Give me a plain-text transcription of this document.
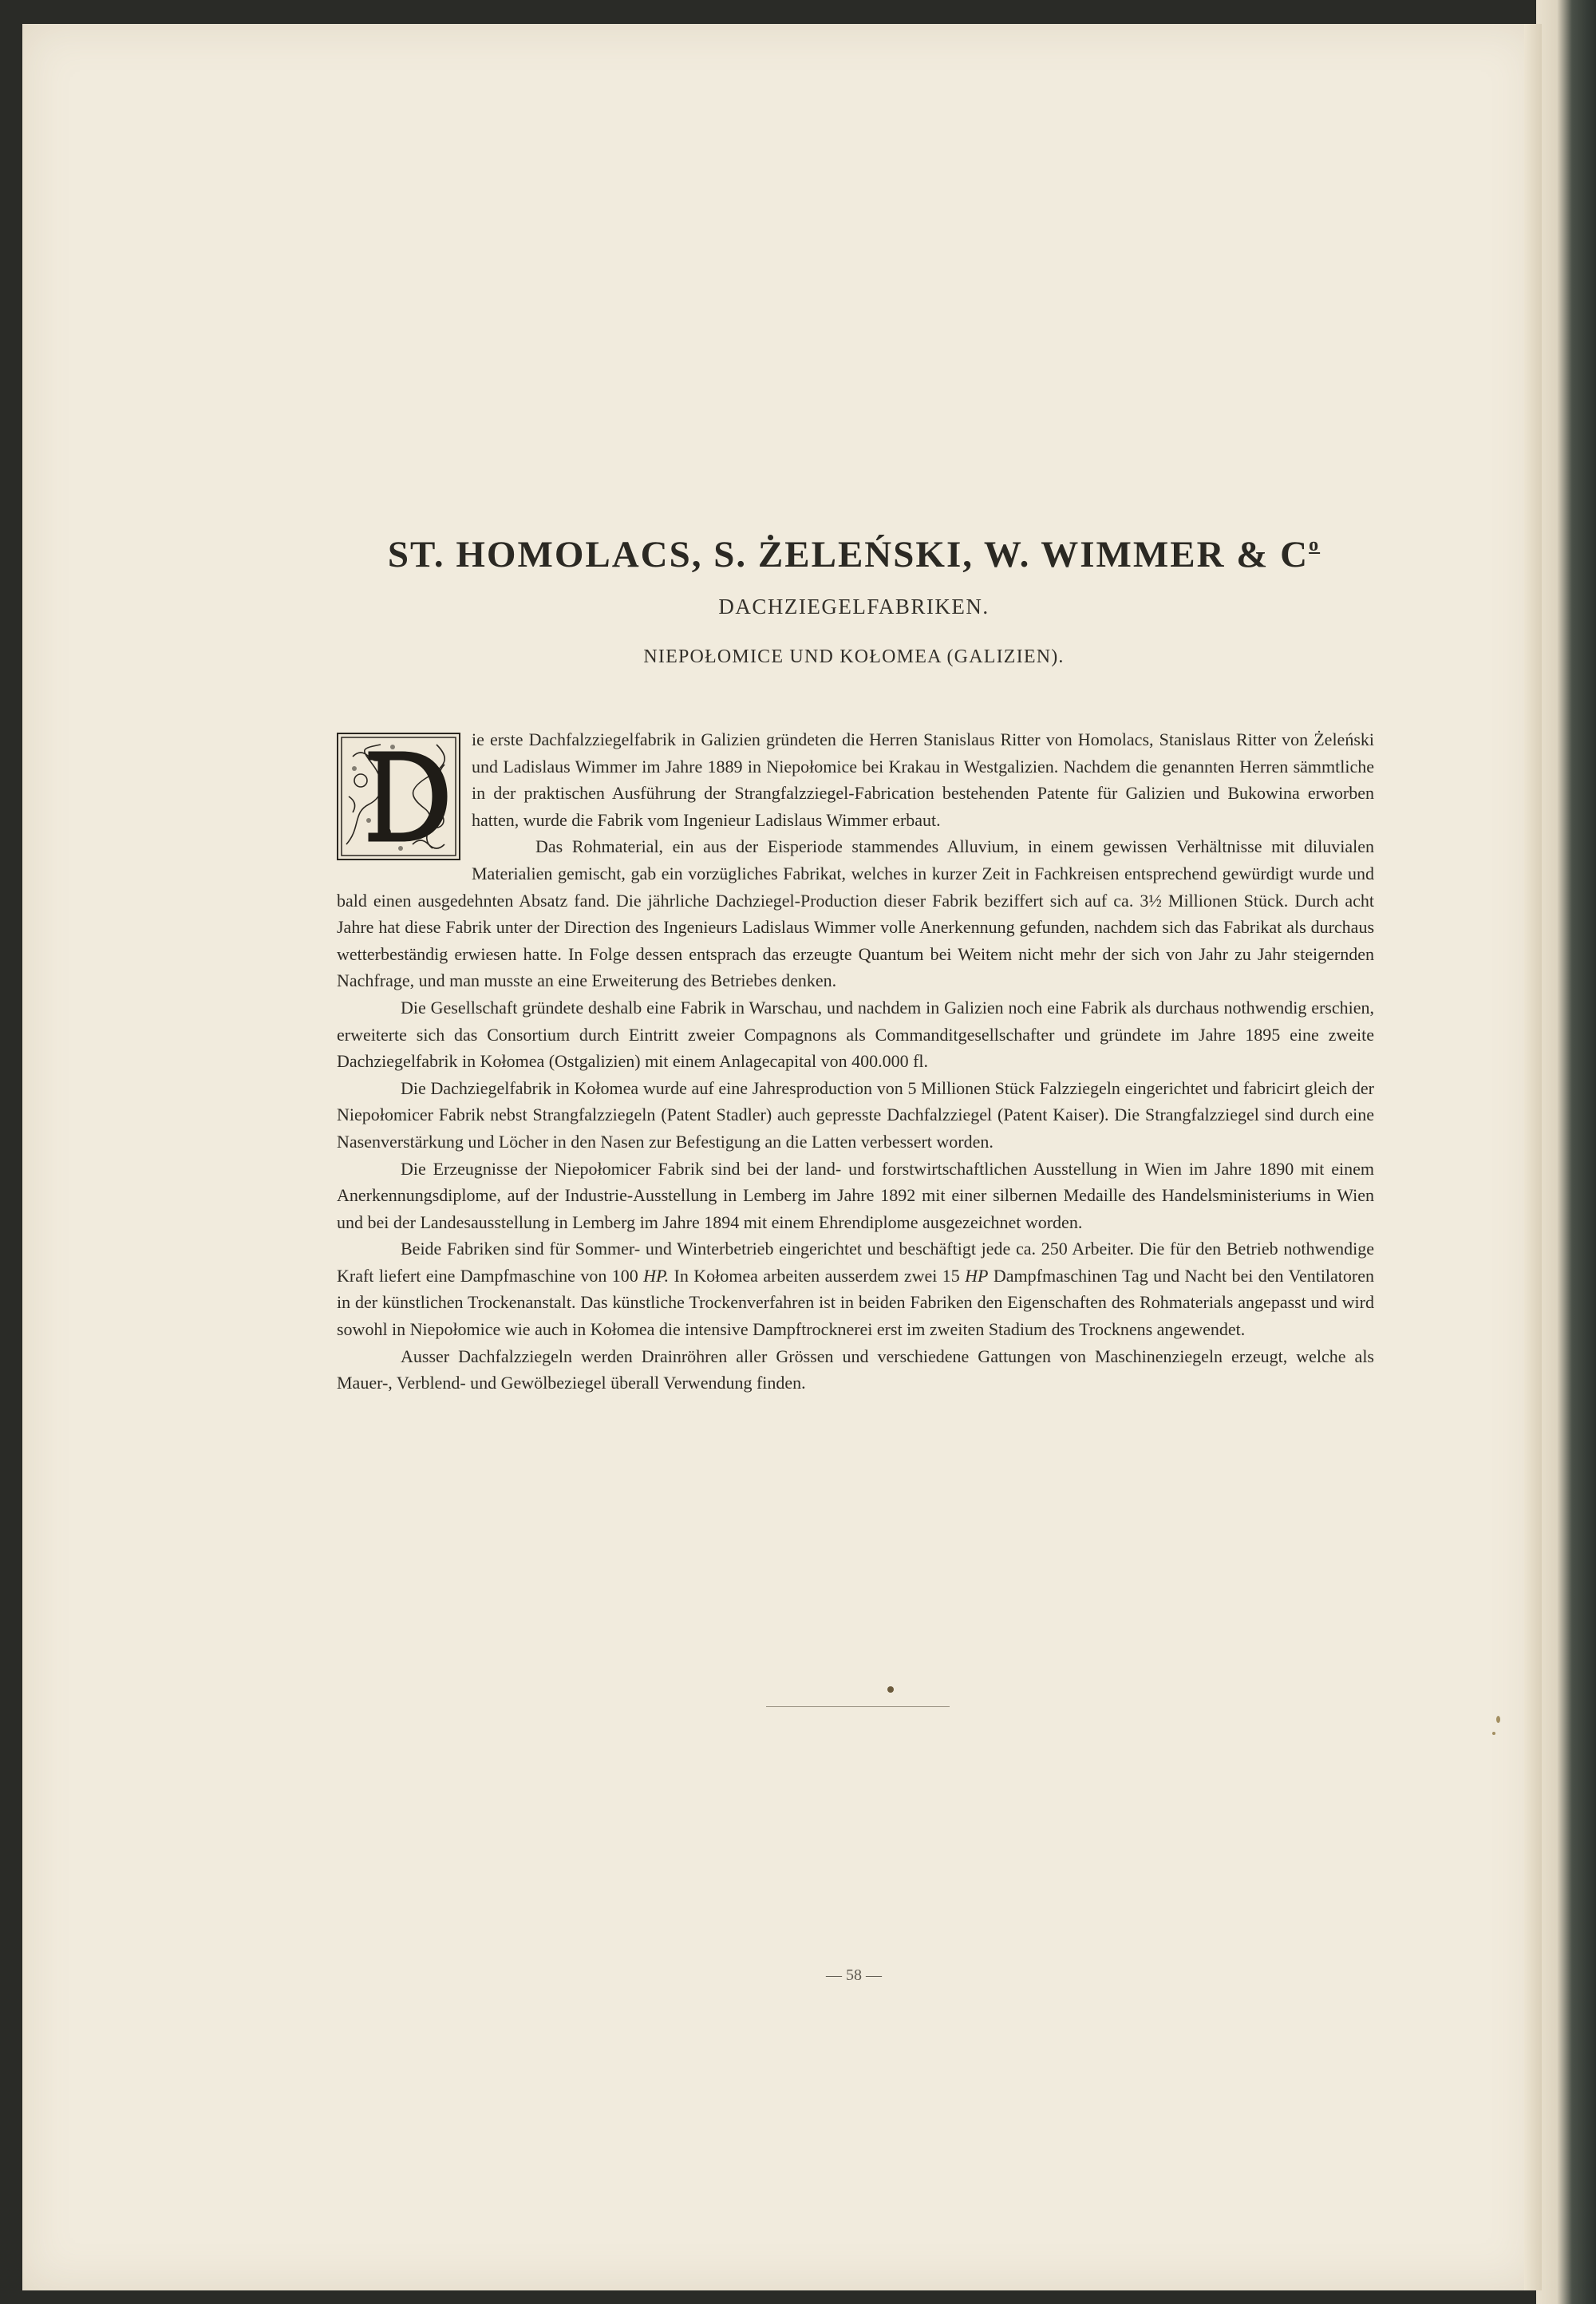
ST. HOMOLACS, S. ŻELEŃSKI, W. WIMMER & $C^o$
DACHZIEGELFABRIKEN.
NIEPOŁOMICE UND KOŁOMEA (GALIZIEN).

ie erste Dachfalzziegelfabrik in Galizien gründeten die Herren Stanislaus Ritter von Homolacs, Stanislaus Ritter von Żeleński und Ladislaus Wimmer im Jahre 1889 in Niepołomice bei Krakau in Westgalizien. Nachdem die genannten Herren sämmtliche in der praktischen Ausführung der Strangfalzziegel-Fabrication bestehenden Patente für Galizien und Bukowina erworben hatten, wurde die Fabrik vom Ingenieur Ladislaus Wimmer erbaut.

Das Rohmaterial, ein aus der Eisperiode stammendes Alluvium, in einem gewissen Verhältnisse mit diluvialen Materialien gemischt, gab ein vorzügliches Fabrikat, welches in kurzer Zeit in Fachkreisen entsprechend gewürdigt wurde und bald einen ausgedehnten Absatz fand. Die jährliche Dachziegel-Production dieser Fabrik beziffert sich auf ca. 3½ Millionen Stück. Durch acht Jahre hat diese Fabrik unter der Direction des Ingenieurs Ladislaus Wimmer volle Anerkennung gefunden, nachdem sich das Fabrikat als durchaus wetterbeständig erwiesen hatte. In Folge dessen entsprach das erzeugte Quantum bei Weitem nicht mehr der sich von Jahr zu Jahr steigernden Nachfrage, und man musste an eine Erweiterung des Betriebes denken.

Die Gesellschaft gründete deshalb eine Fabrik in Warschau, und nachdem in Galizien noch eine Fabrik als durchaus nothwendig erschien, erweiterte sich das Consortium durch Eintritt zweier Compagnons als Commanditgesellschafter und gründete im Jahre 1895 eine zweite Dachziegelfabrik in Kołomea (Ostgalizien) mit einem Anlagecapital von 400.000 fl.

Die Dachziegelfabrik in Kołomea wurde auf eine Jahresproduction von 5 Millionen Stück Falzziegeln eingerichtet und fabricirt gleich der Niepołomicer Fabrik nebst Strangfalzziegeln (Patent Stadler) auch gepresste Dachfalzziegel (Patent Kaiser). Die Strangfalzziegel sind durch eine Nasenverstärkung und Löcher in den Nasen zur Befestigung an die Latten verbessert worden.

Die Erzeugnisse der Niepołomicer Fabrik sind bei der land- und forstwirtschaftlichen Ausstellung in Wien im Jahre 1890 mit einem Anerkennungsdiplome, auf der Industrie-Ausstellung in Lemberg im Jahre 1892 mit einer silbernen Medaille des Handelsministeriums in Wien und bei der Landesausstellung in Lemberg im Jahre 1894 mit einem Ehrendiplome ausgezeichnet worden.

Beide Fabriken sind für Sommer- und Winterbetrieb eingerichtet und beschäftigt jede ca. 250 Arbeiter. Die für den Betrieb nothwendige Kraft liefert eine Dampfmaschine von 100 HP. In Kołomea arbeiten ausserdem zwei 15 HP Dampfmaschinen Tag und Nacht bei den Ventilatoren in der künstlichen Trockenanstalt. Das künstliche Trockenverfahren ist in beiden Fabriken den Eigenschaften des Rohmaterials angepasst und wird sowohl in Niepołomice wie auch in Kołomea die intensive Dampftrocknerei erst im zweiten Stadium des Trocknens angewendet.

Ausser Dachfalzziegeln werden Drainröhren aller Grössen und verschiedene Gattungen von Maschinenziegeln erzeugt, welche als Mauer-, Verblend- und Gewölbeziegel überall Verwendung finden.

— 58 —
